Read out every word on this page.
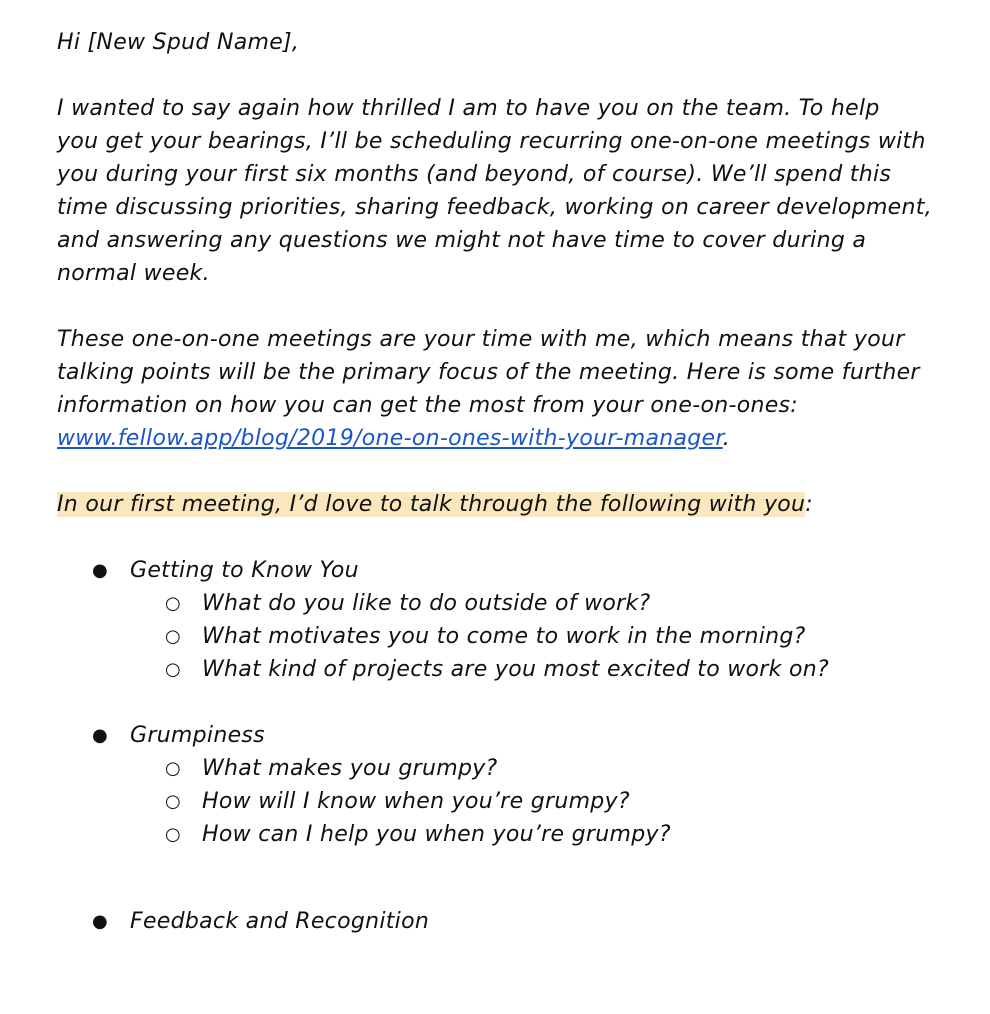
Hi [New Spud Name],
I wanted to say again how thrilled I am to have you on the team. To help
you get your bearings, I’ll be scheduling recurring one-on-one meetings with
you during your first six months (and beyond, of course). We’ll spend this
time discussing priorities, sharing feedback, working on career development,
and answering any questions we might not have time to cover during a
normal week.
These one-on-one meetings are your time with me, which means that your
talking points will be the primary focus of the meeting. Here is some further
information on how you can get the most from your one-on-ones:
www.fellow.app/blog/2019/one-on-ones-with-your-manager.
In our first meeting, I’d love to talk through the following with you:
● Getting to Know You
○ What do you like to do outside of work?
○ What motivates you to come to work in the morning?
○ What kind of projects are you most excited to work on?
● Grumpiness
○ What makes you grumpy?
○ How will I know when you’re grumpy?
○ How can I help you when you’re grumpy?
● Feedback and Recognition
